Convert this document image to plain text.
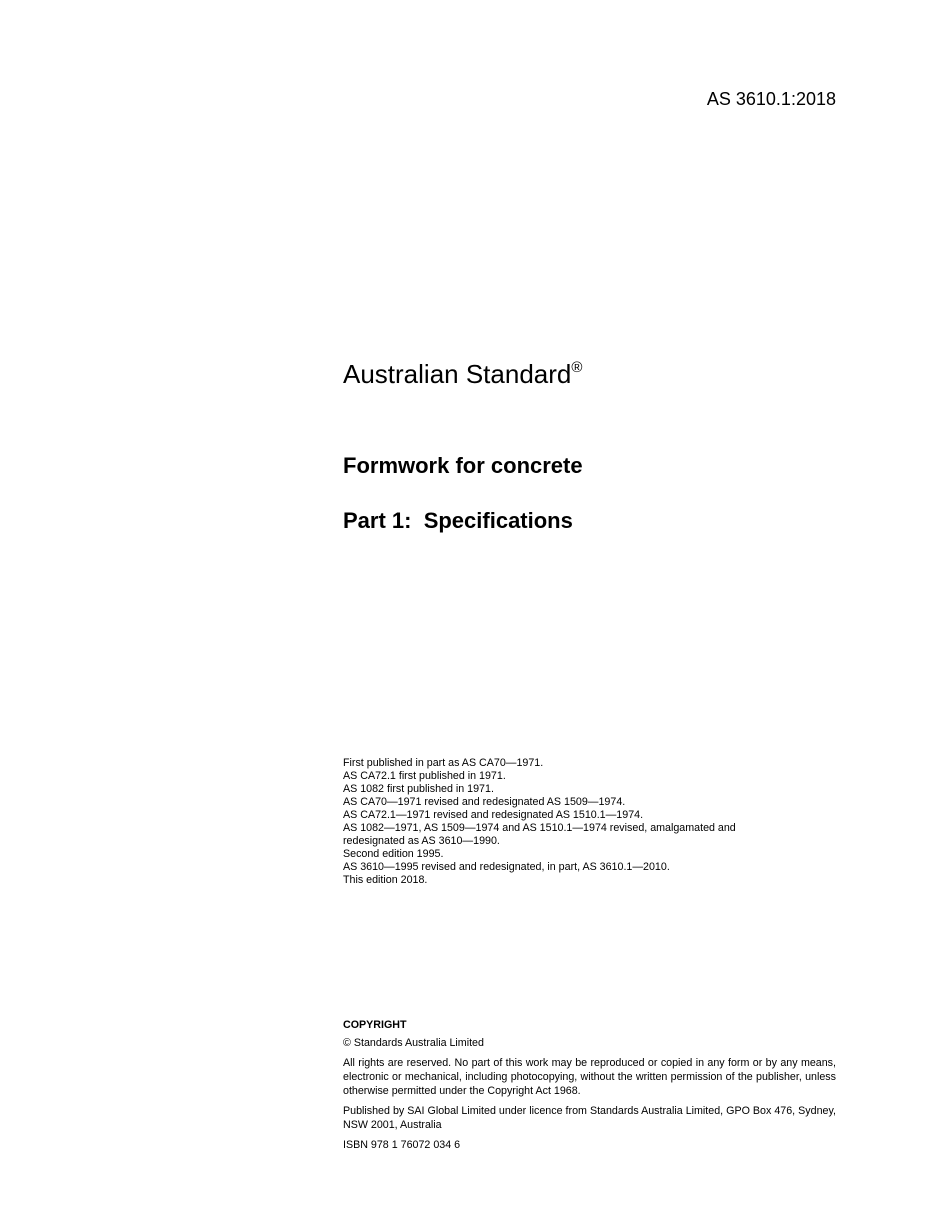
AS 3610.1:2018
Australian Standard®
Formwork for concrete
Part 1:  Specifications
First published in part as AS CA70—1971.
AS CA72.1 first published in 1971.
AS 1082 first published in 1971.
AS CA70—1971 revised and redesignated AS 1509—1974.
AS CA72.1—1971 revised and redesignated AS 1510.1—1974.
AS 1082—1971, AS 1509—1974 and AS 1510.1—1974 revised, amalgamated and
redesignated as AS 3610—1990.
Second edition 1995.
AS 3610—1995 revised and redesignated, in part, AS 3610.1—2010.
This edition 2018.
COPYRIGHT

© Standards Australia Limited

All rights are reserved. No part of this work may be reproduced or copied in any form or by any means, electronic or mechanical, including photocopying, without the written permission of the publisher, unless otherwise permitted under the Copyright Act 1968.

Published by SAI Global Limited under licence from Standards Australia Limited, GPO Box 476, Sydney, NSW 2001, Australia

ISBN 978 1 76072 034 6
